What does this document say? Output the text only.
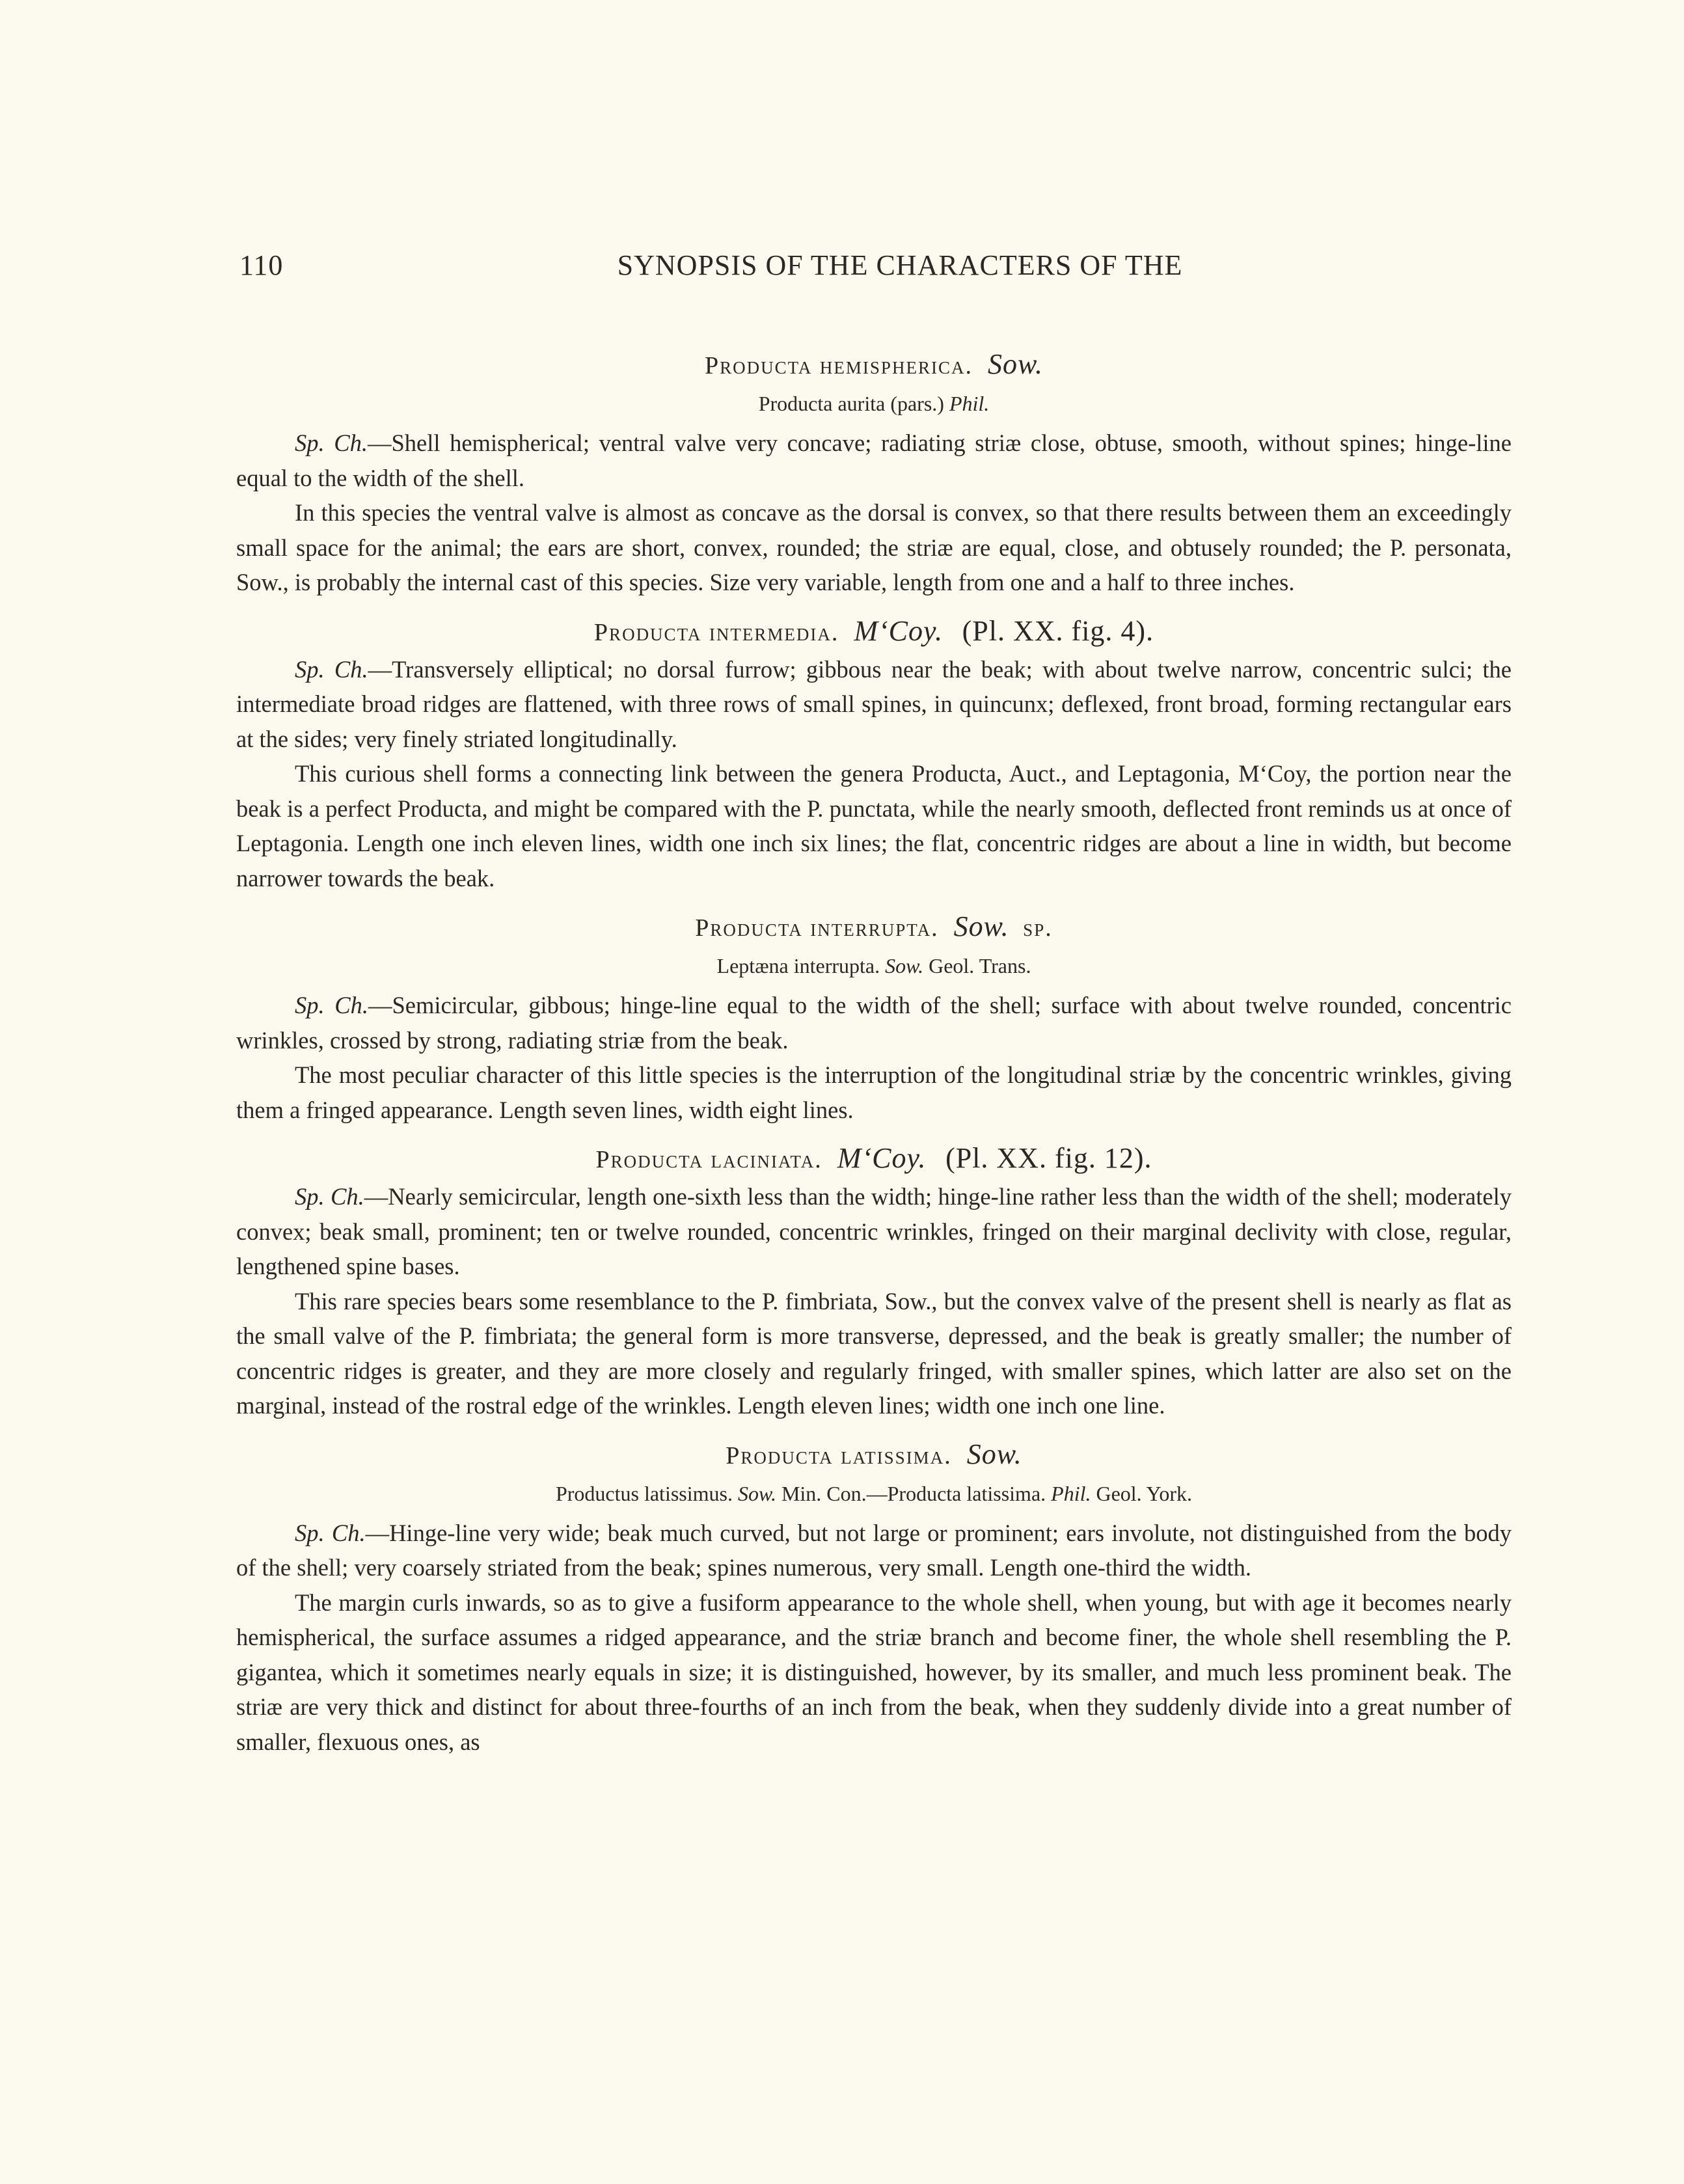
110	SYNOPSIS OF THE CHARACTERS OF THE
Producta hemispherica. Sow.
Producta aurita (pars.) Phil.

Sp. Ch.—Shell hemispherical; ventral valve very concave; radiating striæ close, obtuse, smooth, without spines; hinge-line equal to the width of the shell.

In this species the ventral valve is almost as concave as the dorsal is convex, so that there results between them an exceedingly small space for the animal; the ears are short, convex, rounded; the striæ are equal, close, and obtusely rounded; the P. personata, Sow., is probably the internal cast of this species. Size very variable, length from one and a half to three inches.

Producta intermedia. M‘Coy. (Pl. XX. fig. 4).

Sp. Ch.—Transversely elliptical; no dorsal furrow; gibbous near the beak; with about twelve narrow, concentric sulci; the intermediate broad ridges are flattened, with three rows of small spines, in quincunx; deflexed, front broad, forming rectangular ears at the sides; very finely striated longitudinally.

This curious shell forms a connecting link between the genera Producta, Auct., and Leptagonia, M‘Coy, the portion near the beak is a perfect Producta, and might be compared with the P. punctata, while the nearly smooth, deflected front reminds us at once of Leptagonia. Length one inch eleven lines, width one inch six lines; the flat, concentric ridges are about a line in width, but become narrower towards the beak.

Producta interrupta. Sow. sp.
Leptæna interrupta. Sow. Geol. Trans.

Sp. Ch.—Semicircular, gibbous; hinge-line equal to the width of the shell; surface with about twelve rounded, concentric wrinkles, crossed by strong, radiating striæ from the beak.

The most peculiar character of this little species is the interruption of the longitudinal striæ by the concentric wrinkles, giving them a fringed appearance. Length seven lines, width eight lines.

Producta laciniata. M‘Coy. (Pl. XX. fig. 12).

Sp. Ch.—Nearly semicircular, length one-sixth less than the width; hinge-line rather less than the width of the shell; moderately convex; beak small, prominent; ten or twelve rounded, concentric wrinkles, fringed on their marginal declivity with close, regular, lengthened spine bases.

This rare species bears some resemblance to the P. fimbriata, Sow., but the convex valve of the present shell is nearly as flat as the small valve of the P. fimbriata; the general form is more transverse, depressed, and the beak is greatly smaller; the number of concentric ridges is greater, and they are more closely and regularly fringed, with smaller spines, which latter are also set on the marginal, instead of the rostral edge of the wrinkles. Length eleven lines; width one inch one line.

Producta latissima. Sow.
Productus latissimus. Sow. Min. Con.—Producta latissima. Phil. Geol. York.

Sp. Ch.—Hinge-line very wide; beak much curved, but not large or prominent; ears involute, not distinguished from the body of the shell; very coarsely striated from the beak; spines numerous, very small. Length one-third the width.

The margin curls inwards, so as to give a fusiform appearance to the whole shell, when young, but with age it becomes nearly hemispherical, the surface assumes a ridged appearance, and the striæ branch and become finer, the whole shell resembling the P. gigantea, which it sometimes nearly equals in size; it is distinguished, however, by its smaller, and much less prominent beak. The striæ are very thick and distinct for about three-fourths of an inch from the beak, when they suddenly divide into a great number of smaller, flexuous ones, as
